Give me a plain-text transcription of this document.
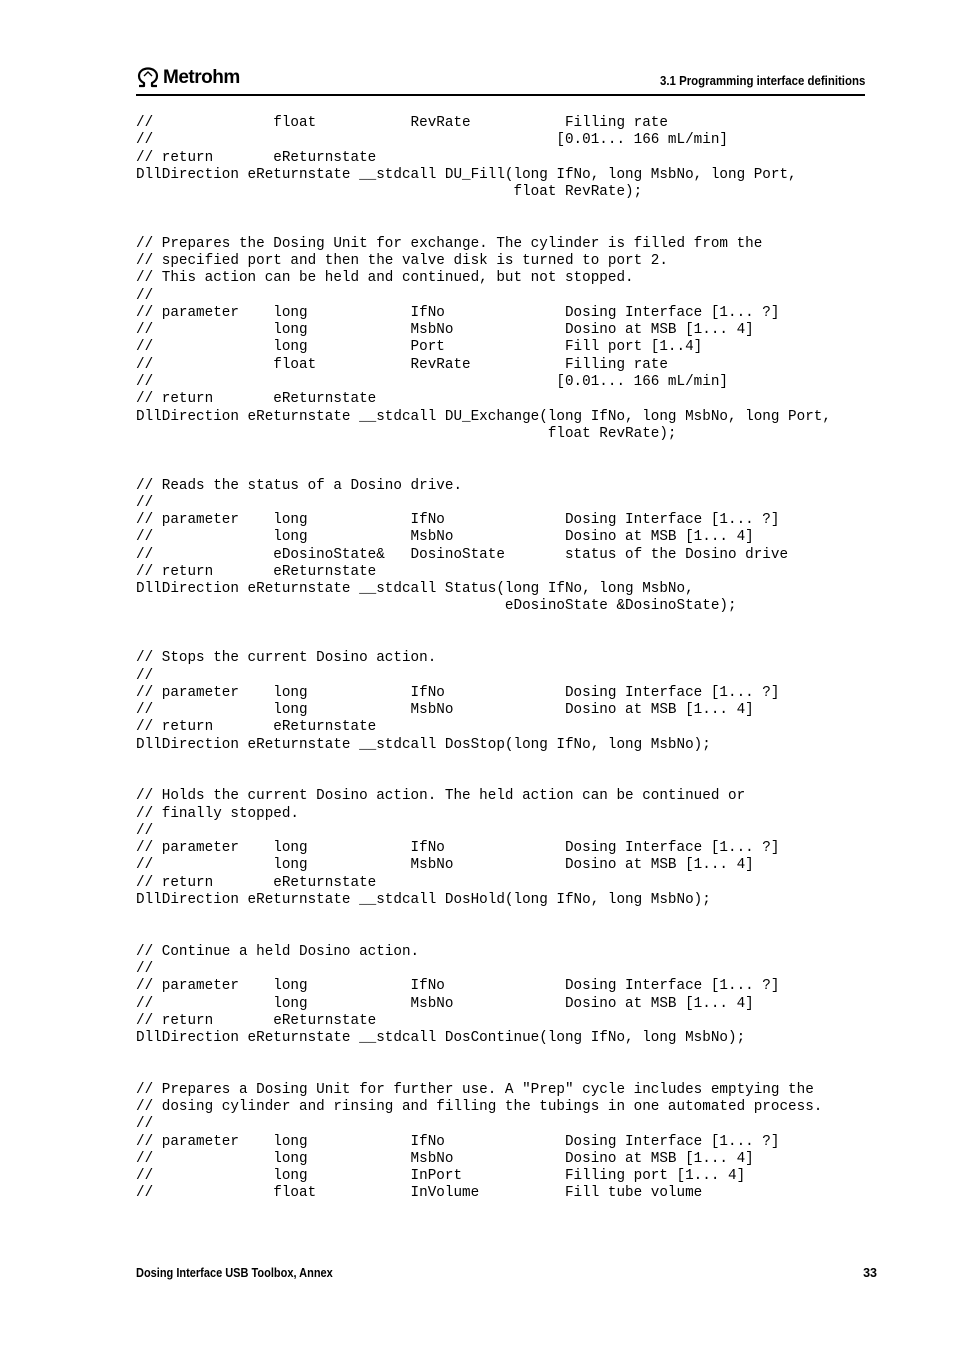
Metrohm	3.1 Programming interface definitions
//              float           RevRate           Filling rate
//                                               [0.01... 166 mL/min]
// return       eReturnstate
DllDirection eReturnstate __stdcall DU_Fill(long IfNo, long MsbNo, long Port,
float RevRate);

// Prepares the Dosing Unit for exchange. The cylinder is filled from the
// specified port and then the valve disk is turned to port 2.
// This action can be held and continued, but not stopped.
//
// parameter    long            IfNo              Dosing Interface [1... ?]
//              long            MsbNo             Dosino at MSB [1... 4]
//              long            Port              Fill port [1..4]
//              float           RevRate           Filling rate
//                                               [0.01... 166 mL/min]
// return       eReturnstate
DllDirection eReturnstate __stdcall DU_Exchange(long IfNo, long MsbNo, long Port,
float RevRate);

// Reads the status of a Dosino drive.
//
// parameter    long            IfNo              Dosing Interface [1... ?]
//              long            MsbNo             Dosino at MSB [1... 4]
//              eDosinoState&   DosinoState       status of the Dosino drive
// return       eReturnstate
DllDirection eReturnstate __stdcall Status(long IfNo, long MsbNo,
eDosinoState &DosinoState);

// Stops the current Dosino action.
//
// parameter    long            IfNo              Dosing Interface [1... ?]
//              long            MsbNo             Dosino at MSB [1... 4]
// return       eReturnstate
DllDirection eReturnstate __stdcall DosStop(long IfNo, long MsbNo);

// Holds the current Dosino action. The held action can be continued or
// finally stopped.
//
// parameter    long            IfNo              Dosing Interface [1... ?]
//              long            MsbNo             Dosino at MSB [1... 4]
// return       eReturnstate
DllDirection eReturnstate __stdcall DosHold(long IfNo, long MsbNo);

// Continue a held Dosino action.
//
// parameter    long            IfNo              Dosing Interface [1... ?]
//              long            MsbNo             Dosino at MSB [1... 4]
// return       eReturnstate
DllDirection eReturnstate __stdcall DosContinue(long IfNo, long MsbNo);

// Prepares a Dosing Unit for further use. A "Prep" cycle includes emptying the
// dosing cylinder and rinsing and filling the tubings in one automated process.
//
// parameter    long            IfNo              Dosing Interface [1... ?]
//              long            MsbNo             Dosino at MSB [1... 4]
//              long            InPort            Filling port [1... 4]
//              float           InVolume          Fill tube volume

Dosing Interface USB Toolbox, Annex	33
